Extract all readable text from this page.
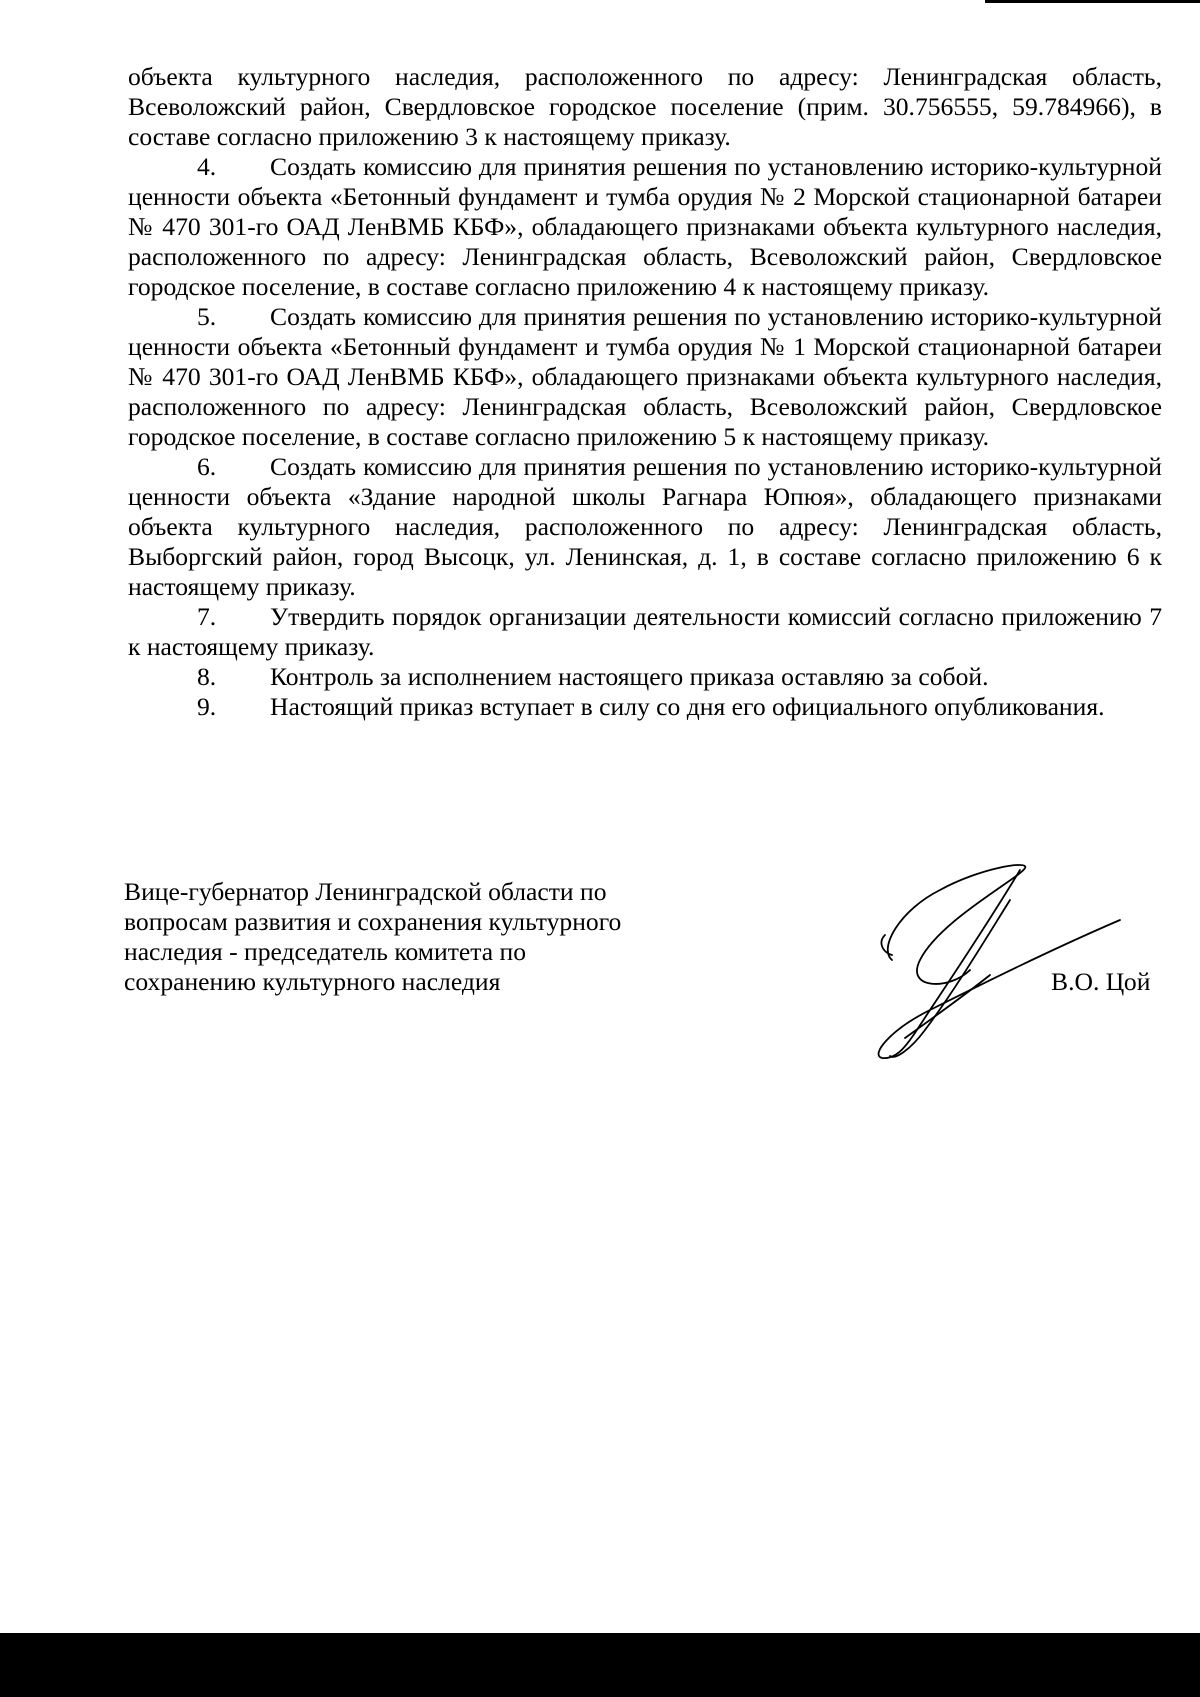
объекта культурного наследия, расположенного по адресу: Ленинградская область, Всеволожский район, Свердловское городское поселение (прим. 30.756555, 59.784966), в составе согласно приложению 3 к настоящему приказу.

4. Создать комиссию для принятия решения по установлению историко-культурной ценности объекта «Бетонный фундамент и тумба орудия № 2 Морской стационарной батареи № 470 301-го ОАД ЛенВМБ КБФ», обладающего признаками объекта культурного наследия, расположенного по адресу: Ленинградская область, Всеволожский район, Свердловское городское поселение, в составе согласно приложению 4 к настоящему приказу.

5. Создать комиссию для принятия решения по установлению историко-культурной ценности объекта «Бетонный фундамент и тумба орудия № 1 Морской стационарной батареи № 470 301-го ОАД ЛенВМБ КБФ», обладающего признаками объекта культурного наследия, расположенного по адресу: Ленинградская область, Всеволожский район, Свердловское городское поселение, в составе согласно приложению 5 к настоящему приказу.

6. Создать комиссию для принятия решения по установлению историко-культурной ценности объекта «Здание народной школы Рагнара Юпюя», обладающего признаками объекта культурного наследия, расположенного по адресу: Ленинградская область, Выборгский район, город Высоцк, ул. Ленинская, д. 1, в составе согласно приложению 6 к настоящему приказу.

7. Утвердить порядок организации деятельности комиссий согласно приложению 7 к настоящему приказу.

8. Контроль за исполнением настоящего приказа оставляю за собой.

9. Настоящий приказ вступает в силу со дня его официального опубликования.

Вице-губернатор Ленинградской области по
вопросам развития и сохранения культурного
наследия - председатель комитета по
сохранению культурного наследия	В.О. Цой
